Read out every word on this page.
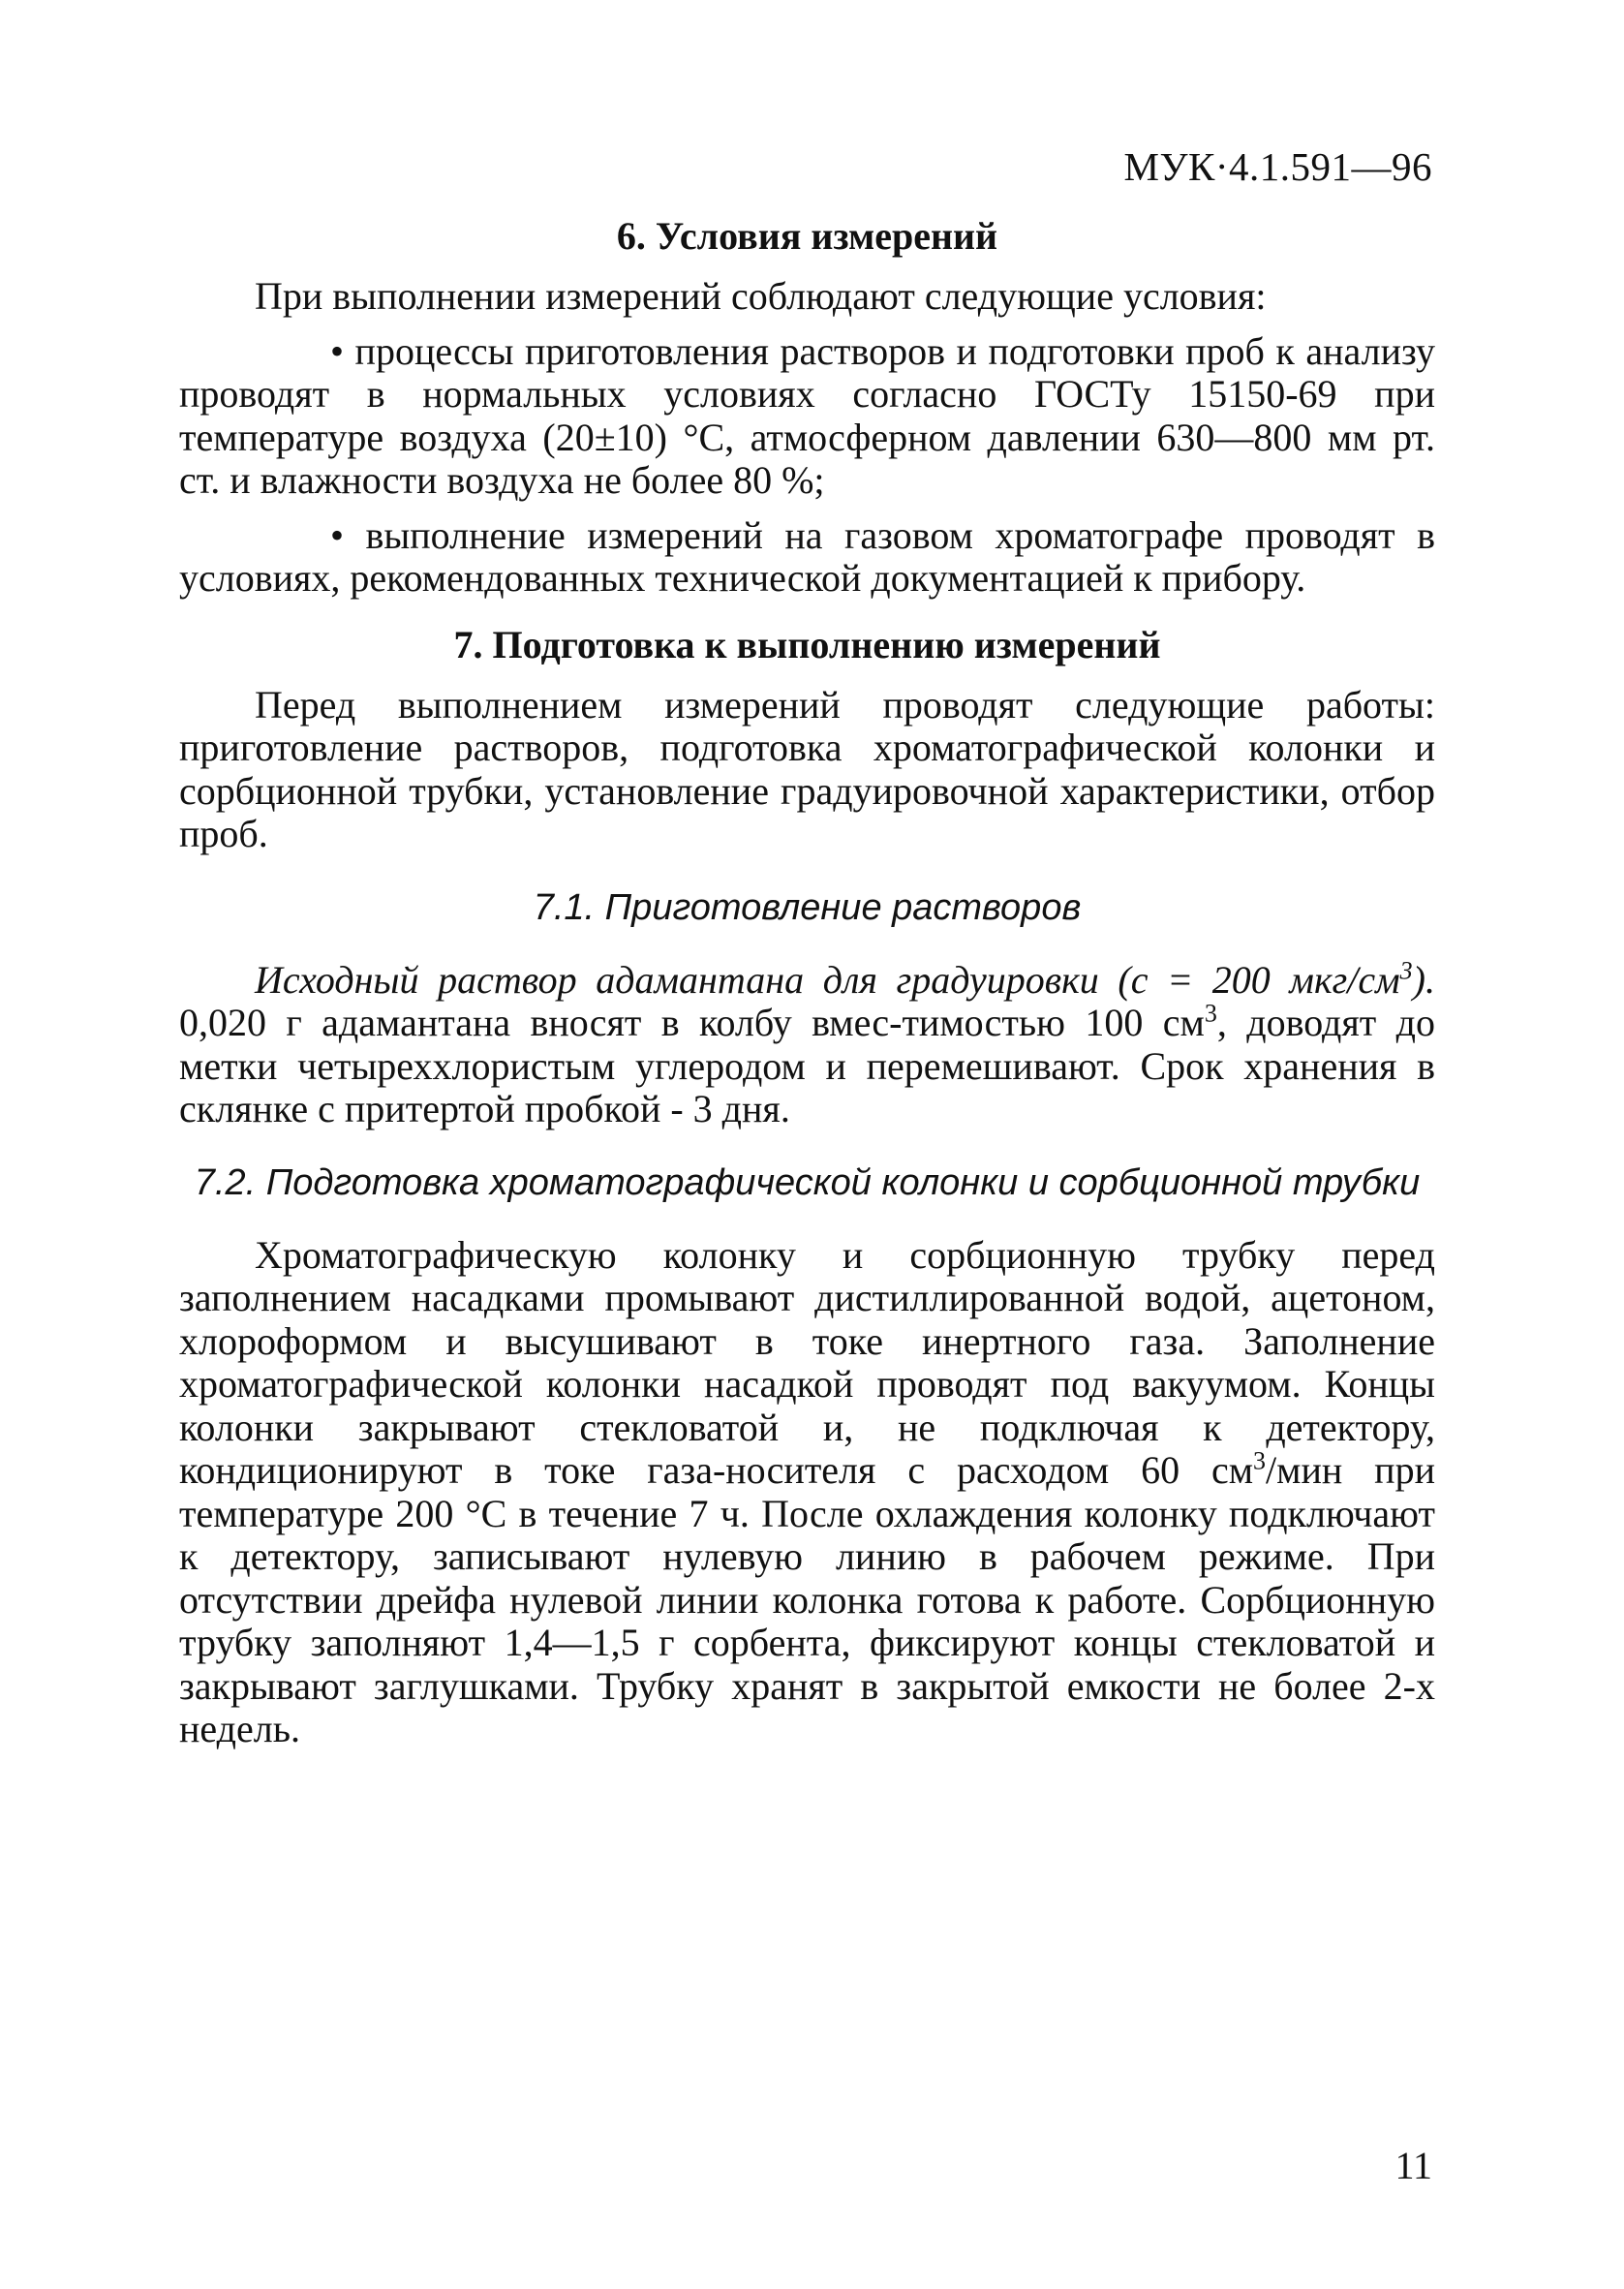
МУК·4.1.591—96
6. Условия измерений

При выполнении измерений соблюдают следующие условия:

• процессы приготовления растворов и подготовки проб к анализу проводят в нормальных условиях согласно ГОСТу 15150-69 при температуре воздуха (20±10) °С, атмосферном давлении 630—800 мм рт. ст. и влажности воздуха не более 80 %;

• выполнение измерений на газовом хроматографе проводят в условиях, рекомендованных технической документацией к прибору.

7. Подготовка к выполнению измерений

Перед выполнением измерений проводят следующие работы: приготовление растворов, подготовка хроматографической колонки и сорбционной трубки, установление градуировочной характеристики, отбор проб.

7.1. Приготовление растворов

Исходный раствор адамантана для градуировки (с = 200 мкг/$см^3$). 0,020 г адамантана вносят в колбу вмес-тимостью 100 $см^3$, доводят до метки четыреххлористым углеродом и перемешивают. Срок хранения в склянке с притертой пробкой - 3 дня.

7.2. Подготовка хроматографической колонки и сорбционной трубки

Хроматографическую колонку и сорбционную трубку перед заполнением насадками промывают дистиллированной водой, ацетоном, хлороформом и высушивают в токе инертного газа. Заполнение хроматографической колонки насадкой проводят под вакуумом. Концы колонки закрывают стекловатой и, не подключая к детектору, кондиционируют в токе газа-носителя с расходом 60 $см^3$/мин при температуре 200 °С в течение 7 ч. После охлаждения колонку подключают к детектору, записывают нулевую линию в рабочем режиме. При отсутствии дрейфа нулевой линии колонка готова к работе. Сорбционную трубку заполняют 1,4—1,5 г сорбента, фиксируют концы стекловатой и закрывают заглушками. Трубку хранят в закрытой емкости не более 2-х недель.

11
